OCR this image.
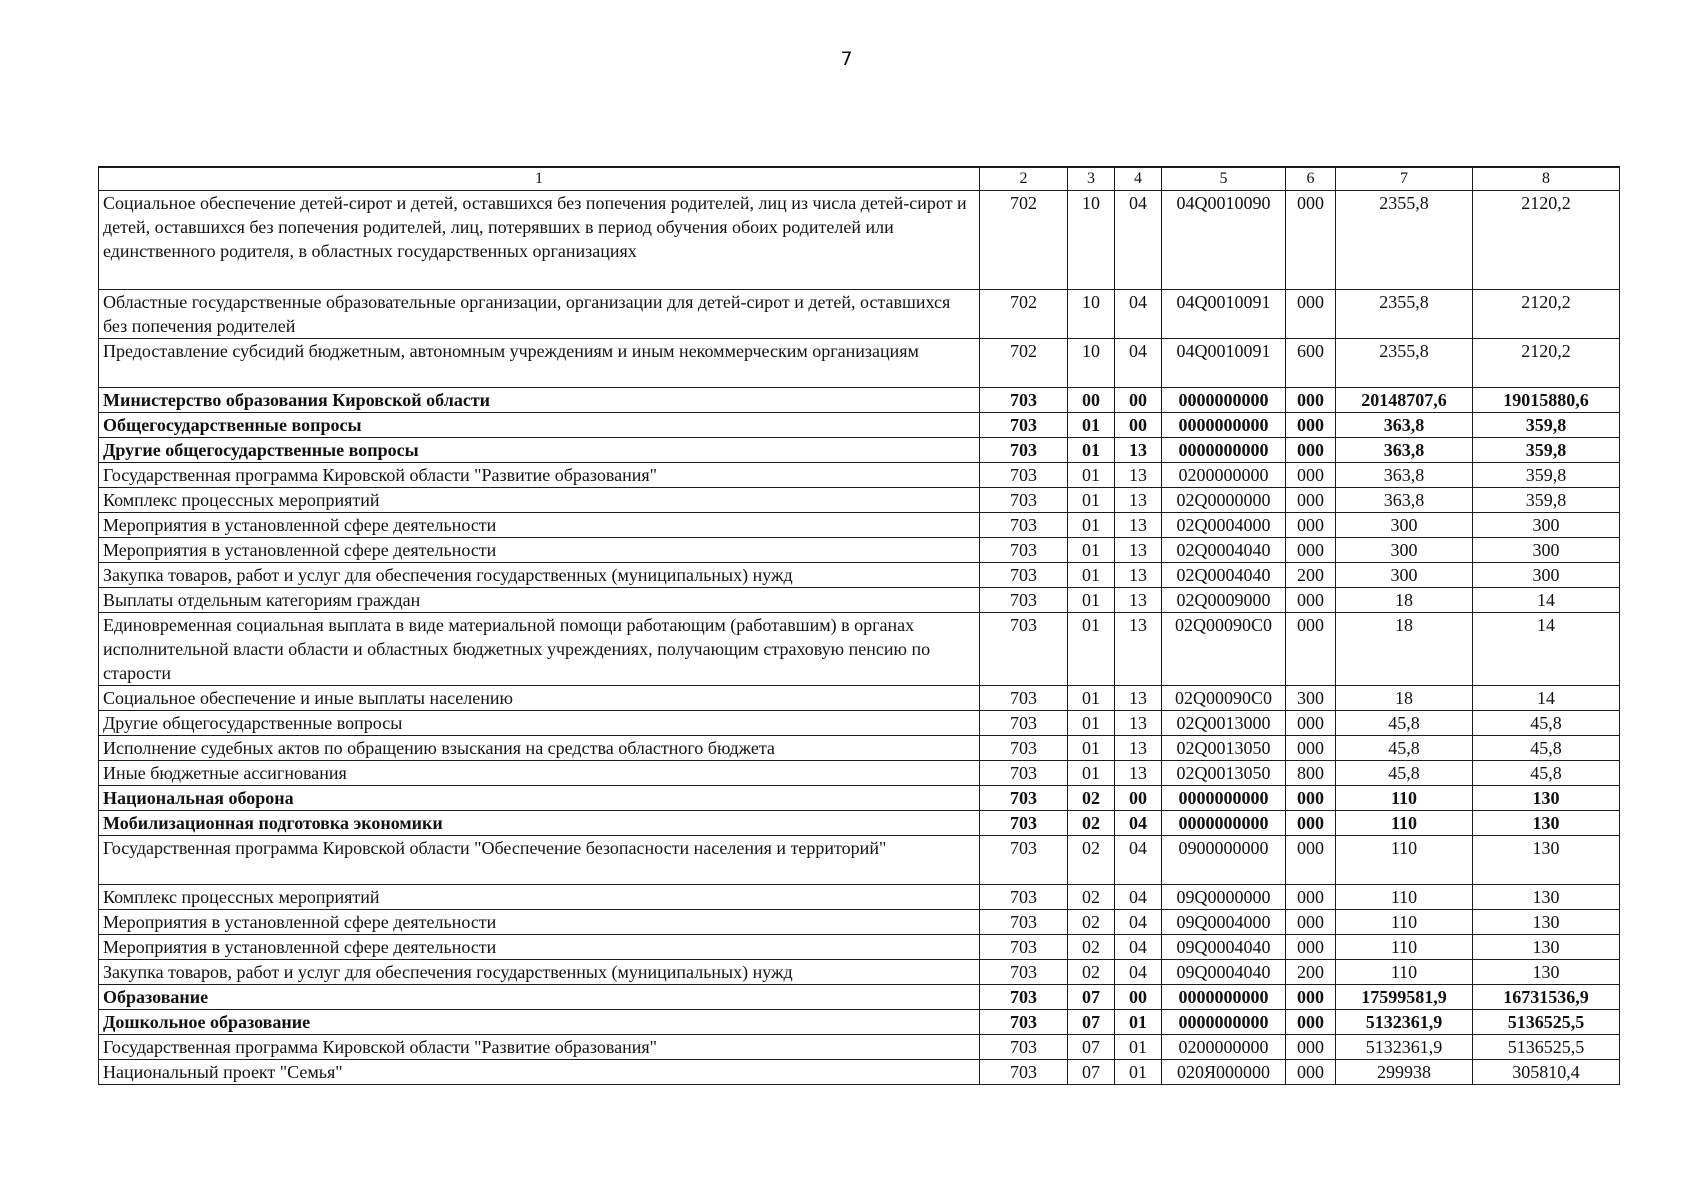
7
1	2	3	4	5	6	7	8
Социальное обеспечение детей-сирот и детей, оставшихся без попечения родителей, лиц из числа детей-сирот и детей, оставшихся без попечения родителей, лиц, потерявших в период обучения обоих родителей или единственного родителя, в областных государственных организациях	702	10	04	04Q0010090	000	2355,8	2120,2
Областные государственные образовательные организации, организации для детей-сирот и детей, оставшихся без попечения родителей	702	10	04	04Q0010091	000	2355,8	2120,2
Предоставление субсидий бюджетным, автономным учреждениям и иным некоммерческим организациям	702	10	04	04Q0010091	600	2355,8	2120,2
Министерство образования Кировской области	703	00	00	0000000000	000	20148707,6	19015880,6
Общегосударственные вопросы	703	01	00	0000000000	000	363,8	359,8
Другие общегосударственные вопросы	703	01	13	0000000000	000	363,8	359,8
Государственная программа Кировской области "Развитие образования"	703	01	13	0200000000	000	363,8	359,8
Комплекс процессных мероприятий	703	01	13	02Q0000000	000	363,8	359,8
Мероприятия в установленной сфере деятельности	703	01	13	02Q0004000	000	300	300
Мероприятия в установленной сфере деятельности	703	01	13	02Q0004040	000	300	300
Закупка товаров, работ и услуг для обеспечения государственных (муниципальных) нужд	703	01	13	02Q0004040	200	300	300
Выплаты отдельным категориям граждан	703	01	13	02Q0009000	000	18	14
Единовременная социальная выплата в виде материальной помощи работающим (работавшим) в органах исполнительной власти области и областных бюджетных учреждениях, получающим страховую пенсию по старости	703	01	13	02Q00090C0	000	18	14
Социальное обеспечение и иные выплаты населению	703	01	13	02Q00090C0	300	18	14
Другие общегосударственные вопросы	703	01	13	02Q0013000	000	45,8	45,8
Исполнение судебных актов по обращению взыскания на средства областного бюджета	703	01	13	02Q0013050	000	45,8	45,8
Иные бюджетные ассигнования	703	01	13	02Q0013050	800	45,8	45,8
Национальная оборона	703	02	00	0000000000	000	110	130
Мобилизационная подготовка экономики	703	02	04	0000000000	000	110	130
Государственная программа Кировской области "Обеспечение безопасности населения и территорий"	703	02	04	0900000000	000	110	130
Комплекс процессных мероприятий	703	02	04	09Q0000000	000	110	130
Мероприятия в установленной сфере деятельности	703	02	04	09Q0004000	000	110	130
Мероприятия в установленной сфере деятельности	703	02	04	09Q0004040	000	110	130
Закупка товаров, работ и услуг для обеспечения государственных (муниципальных) нужд	703	02	04	09Q0004040	200	110	130
Образование	703	07	00	0000000000	000	17599581,9	16731536,9
Дошкольное образование	703	07	01	0000000000	000	5132361,9	5136525,5
Государственная программа Кировской области "Развитие образования"	703	07	01	0200000000	000	5132361,9	5136525,5
Национальный проект "Семья"	703	07	01	020Я000000	000	299938	305810,4
